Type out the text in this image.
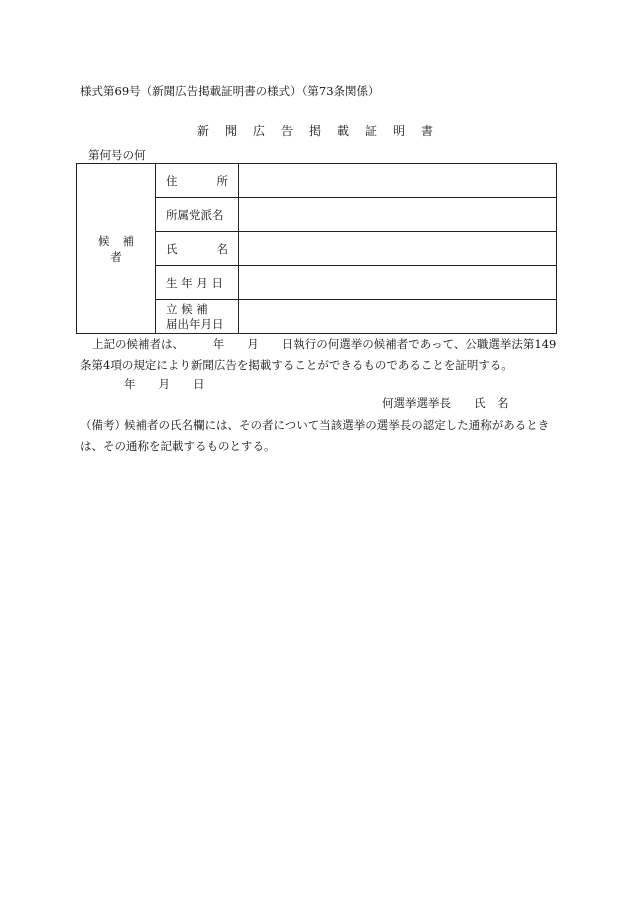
様式第69号（新聞広告掲載証明書の様式）（第73条関係）
新聞広告掲載証明書
第何号の何
候補者	住 所	

	所属党派名	

	氏 名	

	生 年 月 日	

	立 候 補
届出年月日	

上記の候補者は、　　　年　　月　　日執行の何選挙の候補者であって、公職選挙法第149条第4項の規定により新聞広告を掲載することができるものであることを証明する。
年　　月　　日
何選挙選挙長　　氏　名
（備考）候補者の氏名欄には、その者について当該選挙の選挙長の認定した通称があるときは、その通称を記載するものとする。
